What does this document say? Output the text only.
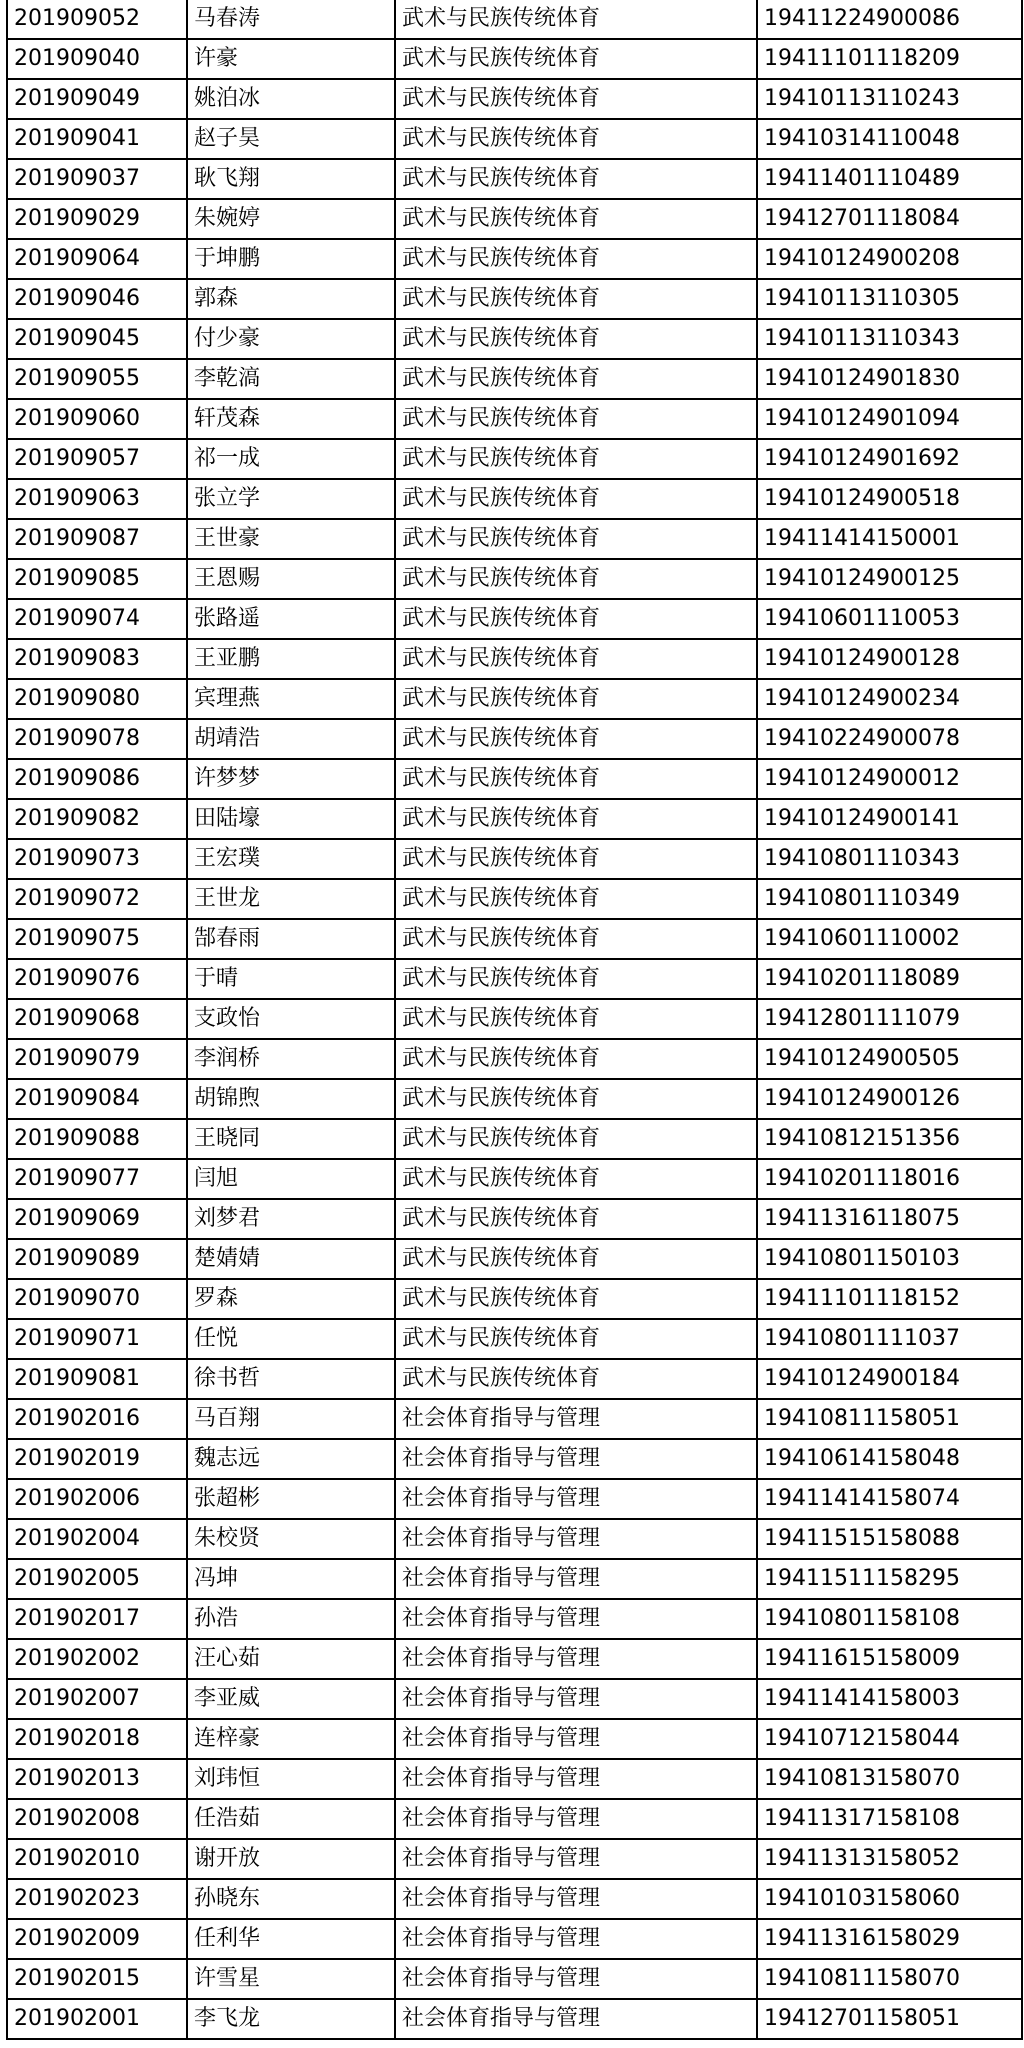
201909052	马春涛	武术与民族传统体育	19411224900086
201909040	许豪	武术与民族传统体育	19411101118209
201909049	姚泊冰	武术与民族传统体育	19410113110243
201909041	赵子昊	武术与民族传统体育	19410314110048
201909037	耿飞翔	武术与民族传统体育	19411401110489
201909029	朱婉婷	武术与民族传统体育	19412701118084
201909064	于坤鹏	武术与民族传统体育	19410124900208
201909046	郭森	武术与民族传统体育	19410113110305
201909045	付少豪	武术与民族传统体育	19410113110343
201909055	李乾滈	武术与民族传统体育	19410124901830
201909060	轩茂森	武术与民族传统体育	19410124901094
201909057	祁一成	武术与民族传统体育	19410124901692
201909063	张立学	武术与民族传统体育	19410124900518
201909087	王世豪	武术与民族传统体育	19411414150001
201909085	王恩赐	武术与民族传统体育	19410124900125
201909074	张路遥	武术与民族传统体育	19410601110053
201909083	王亚鹏	武术与民族传统体育	19410124900128
201909080	宾理燕	武术与民族传统体育	19410124900234
201909078	胡靖浩	武术与民族传统体育	19410224900078
201909086	许梦梦	武术与民族传统体育	19410124900012
201909082	田陆壕	武术与民族传统体育	19410124900141
201909073	王宏璞	武术与民族传统体育	19410801110343
201909072	王世龙	武术与民族传统体育	19410801110349
201909075	郜春雨	武术与民族传统体育	19410601110002
201909076	于晴	武术与民族传统体育	19410201118089
201909068	支政怡	武术与民族传统体育	19412801111079
201909079	李润桥	武术与民族传统体育	19410124900505
201909084	胡锦煦	武术与民族传统体育	19410124900126
201909088	王晓同	武术与民族传统体育	19410812151356
201909077	闫旭	武术与民族传统体育	19410201118016
201909069	刘梦君	武术与民族传统体育	19411316118075
201909089	楚婧婧	武术与民族传统体育	19410801150103
201909070	罗森	武术与民族传统体育	19411101118152
201909071	任悦	武术与民族传统体育	19410801111037
201909081	徐书哲	武术与民族传统体育	19410124900184
201902016	马百翔	社会体育指导与管理	19410811158051
201902019	魏志远	社会体育指导与管理	19410614158048
201902006	张超彬	社会体育指导与管理	19411414158074
201902004	朱校贤	社会体育指导与管理	19411515158088
201902005	冯坤	社会体育指导与管理	19411511158295
201902017	孙浩	社会体育指导与管理	19410801158108
201902002	汪心茹	社会体育指导与管理	19411615158009
201902007	李亚威	社会体育指导与管理	19411414158003
201902018	连梓豪	社会体育指导与管理	19410712158044
201902013	刘玮恒	社会体育指导与管理	19410813158070
201902008	任浩茹	社会体育指导与管理	19411317158108
201902010	谢开放	社会体育指导与管理	19411313158052
201902023	孙晓东	社会体育指导与管理	19410103158060
201902009	任利华	社会体育指导与管理	19411316158029
201902015	许雪星	社会体育指导与管理	19410811158070
201902001	李飞龙	社会体育指导与管理	19412701158051
